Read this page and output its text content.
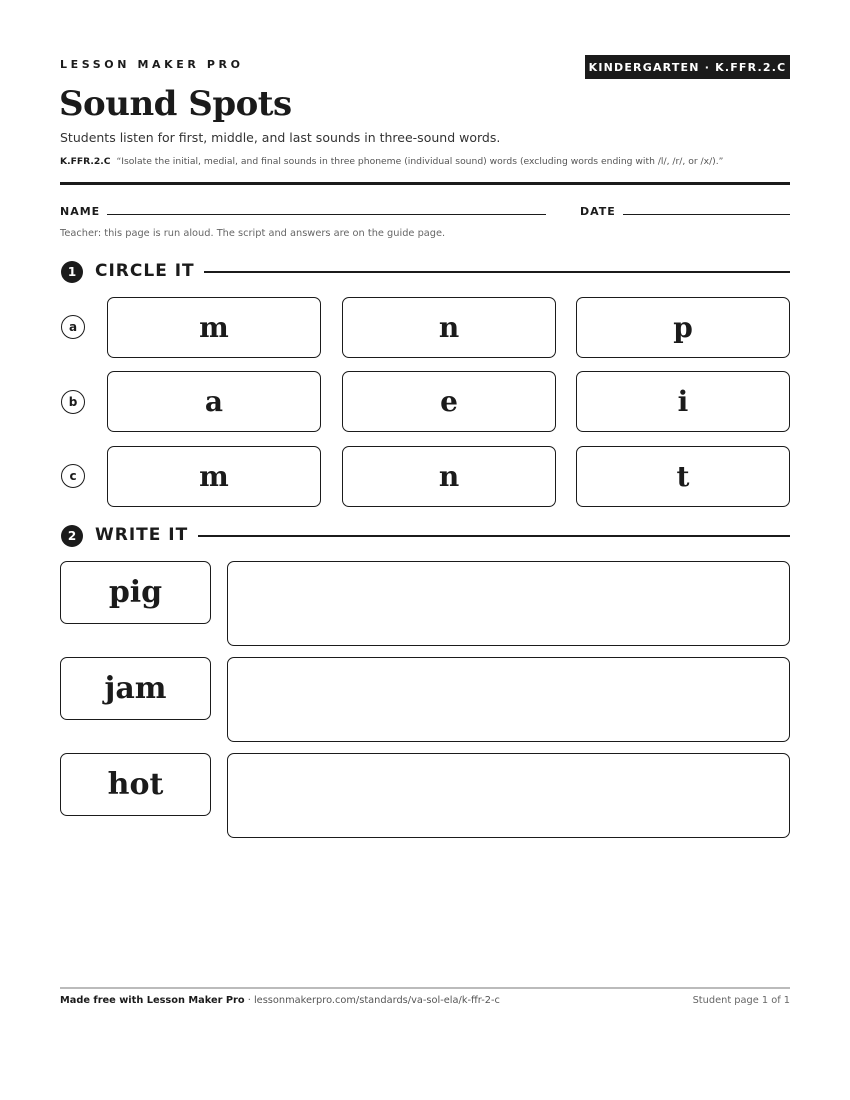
LESSON MAKER PRO	KINDERGARTEN · K.FFR.2.C
Sound Spots
Students listen for first, middle, and last sounds in three-sound words.
K.FFR.2.C “Isolate the initial, medial, and final sounds in three phoneme (individual sound) words (excluding words ending with /l/, /r/, or /x/).”
NAME	DATE
Teacher: this page is run aloud. The script and answers are on the guide page.
1	CIRCLE IT
a	m	n	p
b	a	e	i
c	m	n	t
2	WRITE IT
pig
jam
hot
Made free with Lesson Maker Pro · lessonmakerpro.com/standards/va-sol-ela/k-ffr-2-c	Student page 1 of 1
